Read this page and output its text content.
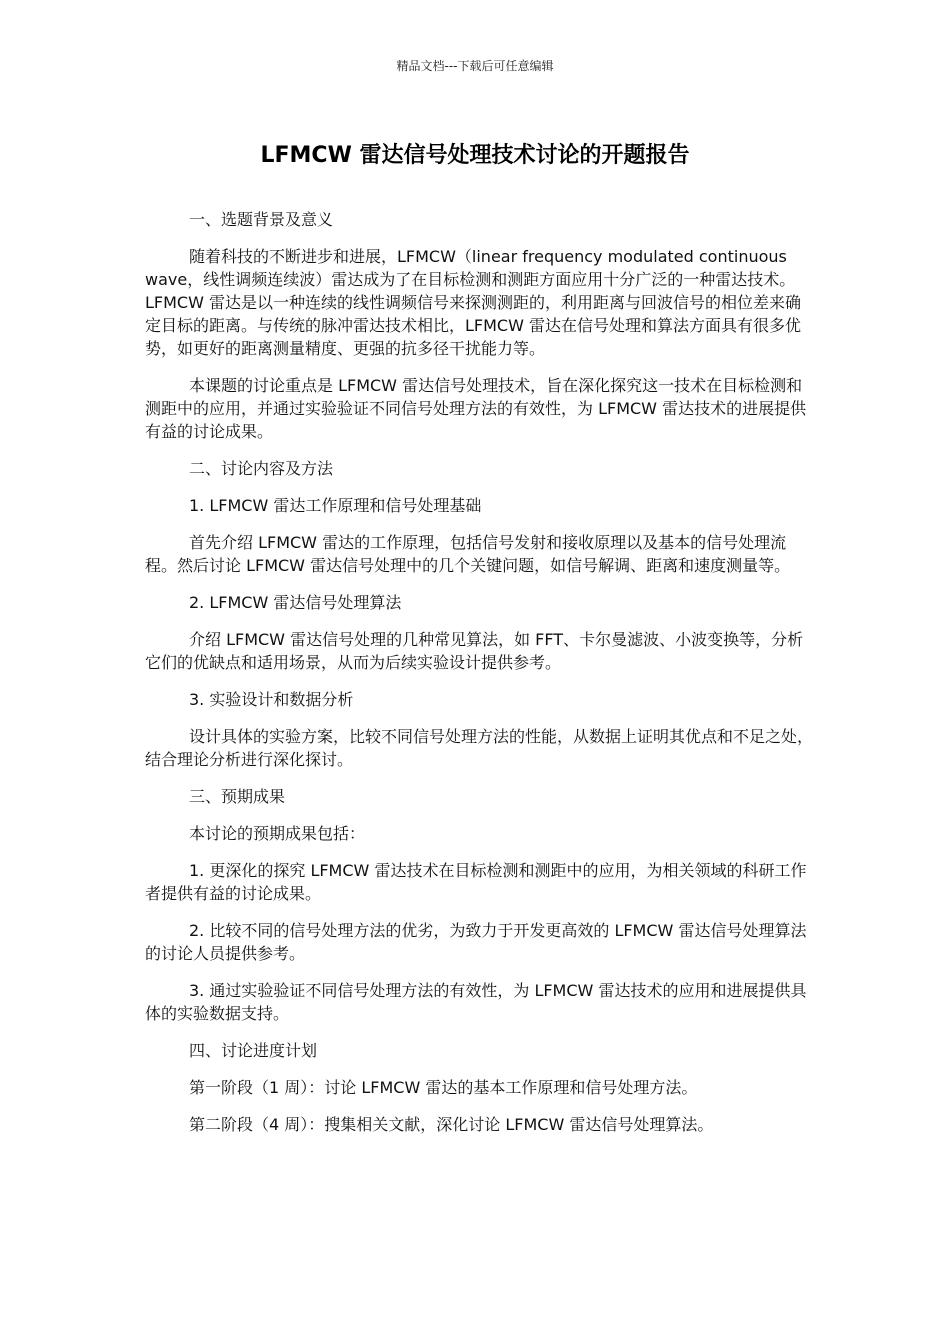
精品文档---下载后可任意编辑
LFMCW 雷达信号处理技术讨论的开题报告

一、选题背景及意义

随着科技的不断进步和进展，LFMCW（linear frequency modulated continuous wave，线性调频连续波）雷达成为了在目标检测和测距方面应用十分广泛的一种雷达技术。LFMCW 雷达是以一种连续的线性调频信号来探测测距的，利用距离与回波信号的相位差来确定目标的距离。与传统的脉冲雷达技术相比，LFMCW 雷达在信号处理和算法方面具有很多优势，如更好的距离测量精度、更强的抗多径干扰能力等。

本课题的讨论重点是 LFMCW 雷达信号处理技术，旨在深化探究这一技术在目标检测和测距中的应用，并通过实验验证不同信号处理方法的有效性，为 LFMCW 雷达技术的进展提供有益的讨论成果。

二、讨论内容及方法

1. LFMCW 雷达工作原理和信号处理基础

首先介绍 LFMCW 雷达的工作原理，包括信号发射和接收原理以及基本的信号处理流程。然后讨论 LFMCW 雷达信号处理中的几个关键问题，如信号解调、距离和速度测量等。

2. LFMCW 雷达信号处理算法

介绍 LFMCW 雷达信号处理的几种常见算法，如 FFT、卡尔曼滤波、小波变换等，分析它们的优缺点和适用场景，从而为后续实验设计提供参考。

3. 实验设计和数据分析

设计具体的实验方案，比较不同信号处理方法的性能，从数据上证明其优点和不足之处，结合理论分析进行深化探讨。

三、预期成果

本讨论的预期成果包括：

1. 更深化的探究 LFMCW 雷达技术在目标检测和测距中的应用，为相关领域的科研工作者提供有益的讨论成果。

2. 比较不同的信号处理方法的优劣，为致力于开发更高效的 LFMCW 雷达信号处理算法的讨论人员提供参考。

3. 通过实验验证不同信号处理方法的有效性，为 LFMCW 雷达技术的应用和进展提供具体的实验数据支持。

四、讨论进度计划

第一阶段（1 周）：讨论 LFMCW 雷达的基本工作原理和信号处理方法。

第二阶段（4 周）：搜集相关文献，深化讨论 LFMCW 雷达信号处理算法。
